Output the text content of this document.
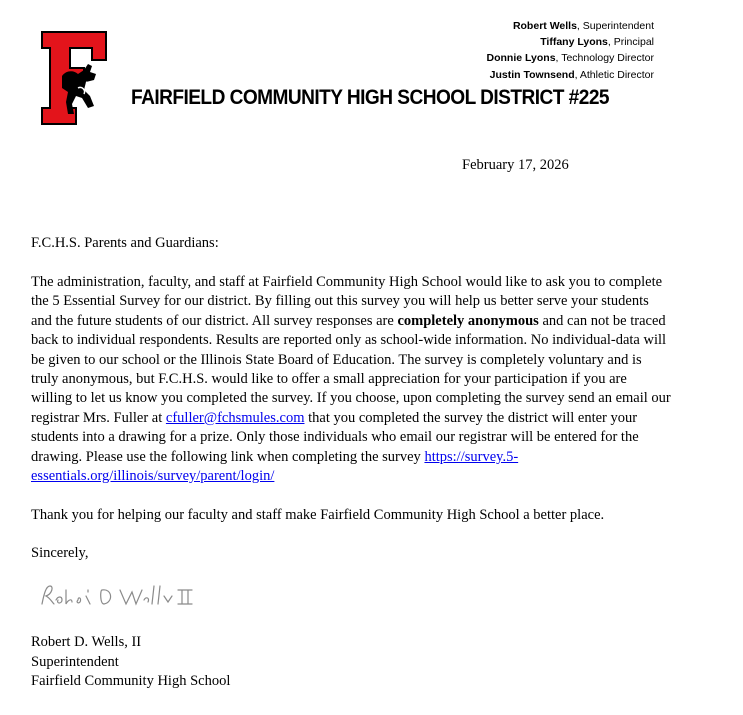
Robert Wells, Superintendent
Tiffany Lyons, Principal
Donnie Lyons, Technology Director
Justin Townsend, Athletic Director
FAIRFIELD COMMUNITY HIGH SCHOOL DISTRICT #225
February 17, 2026
F.C.H.S. Parents and Guardians:

The administration, faculty, and staff at Fairfield Community High School would like to ask you to complete the 5 Essential Survey for our district. By filling out this survey you will help us better serve your students and the future students of our district. All survey responses are completely anonymous and can not be traced back to individual respondents. Results are reported only as school-wide information. No individual-data will be given to our school or the Illinois State Board of Education. The survey is completely voluntary and is truly anonymous, but F.C.H.S. would like to offer a small appreciation for your participation if you are willing to let us know you completed the survey. If you choose, upon completing the survey send an email our registrar Mrs. Fuller at cfuller@fchsmules.com that you completed the survey the district will enter your students into a drawing for a prize. Only those individuals who email our registrar will be entered for the drawing. Please use the following link when completing the survey https://survey.5-essentials.org/illinois/survey/parent/login/

Thank you for helping our faculty and staff make Fairfield Community High School a better place.
Sincerely,
Robert D. Wells, II
Superintendent
Fairfield Community High School
